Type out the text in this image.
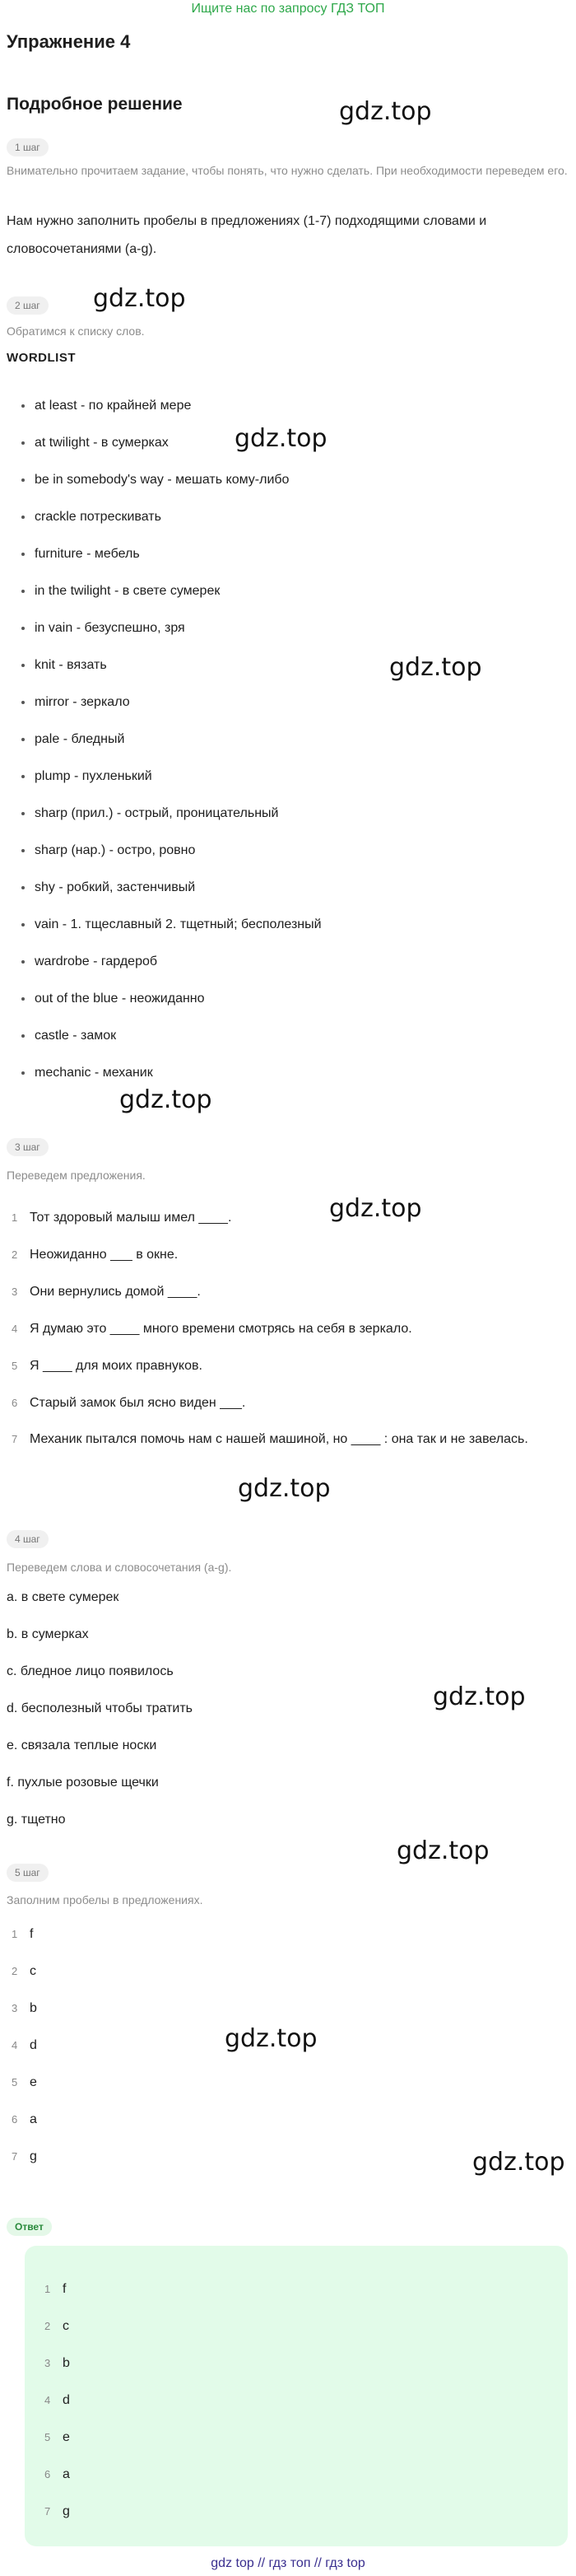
Ищите нас по запросу ГДЗ ТОП
Упражнение 4
Подробное решение	gdz.top
gdz.top
gdz.top
gdz.top
gdz.top
gdz.top
gdz.top
gdz.top
gdz.top
gdz.top
gdz.top
1 шаг
Внимательно прочитаем задание, чтобы понять, что нужно сделать. При необходимости переведем его.
Нам нужно заполнить пробелы в предложениях (1-7) подходящими словами и словосочетаниями (a-g).
2 шаг
Обратимся к списку слов.
WORDLIST
at least - по крайней мере
at twilight - в сумерках
be in somebody's way - мешать кому-либо
crackle потрескивать
furniture - мебель
in the twilight - в свете сумерек
in vain - безуспешно, зря
knit - вязать
mirror - зеркало
pale - бледный
plump - пухленький
sharp (прил.) - острый, проницательный
sharp (нар.) - остро, ровно
shy - робкий, застенчивый
vain - 1. тщеславный 2. тщетный; бесполезный
wardrobe - гардероб
out of the blue - неожиданно
castle - замок
mechanic - механик
3 шаг
Переведем предложения.
1 Тот здоровый малыш имел ____.
2 Неожиданно ___ в окне.
3 Они вернулись домой ____.
4 Я думаю это ____ много времени смотрясь на себя в зеркало.
5 Я ____ для моих правнуков.
6 Старый замок был ясно виден ___.
7 Механик пытался помочь нам с нашей машиной, но ____ : она так и не завелась.
4 шаг
Переведем слова и словосочетания (a-g).
a. в свете сумерек
b. в сумерках
c. бледное лицо появилось
d. бесполезный чтобы тратить
e. связала теплые носки
f. пухлые розовые щечки
g. тщетно
5 шаг
Заполним пробелы в предложениях.
1 f
2 c
3 b
4 d
5 e
6 a
7 g
Ответ
1 f
2 c
3 b
4 d
5 e
6 a
7 g
gdz top // гдз топ // гдз top
